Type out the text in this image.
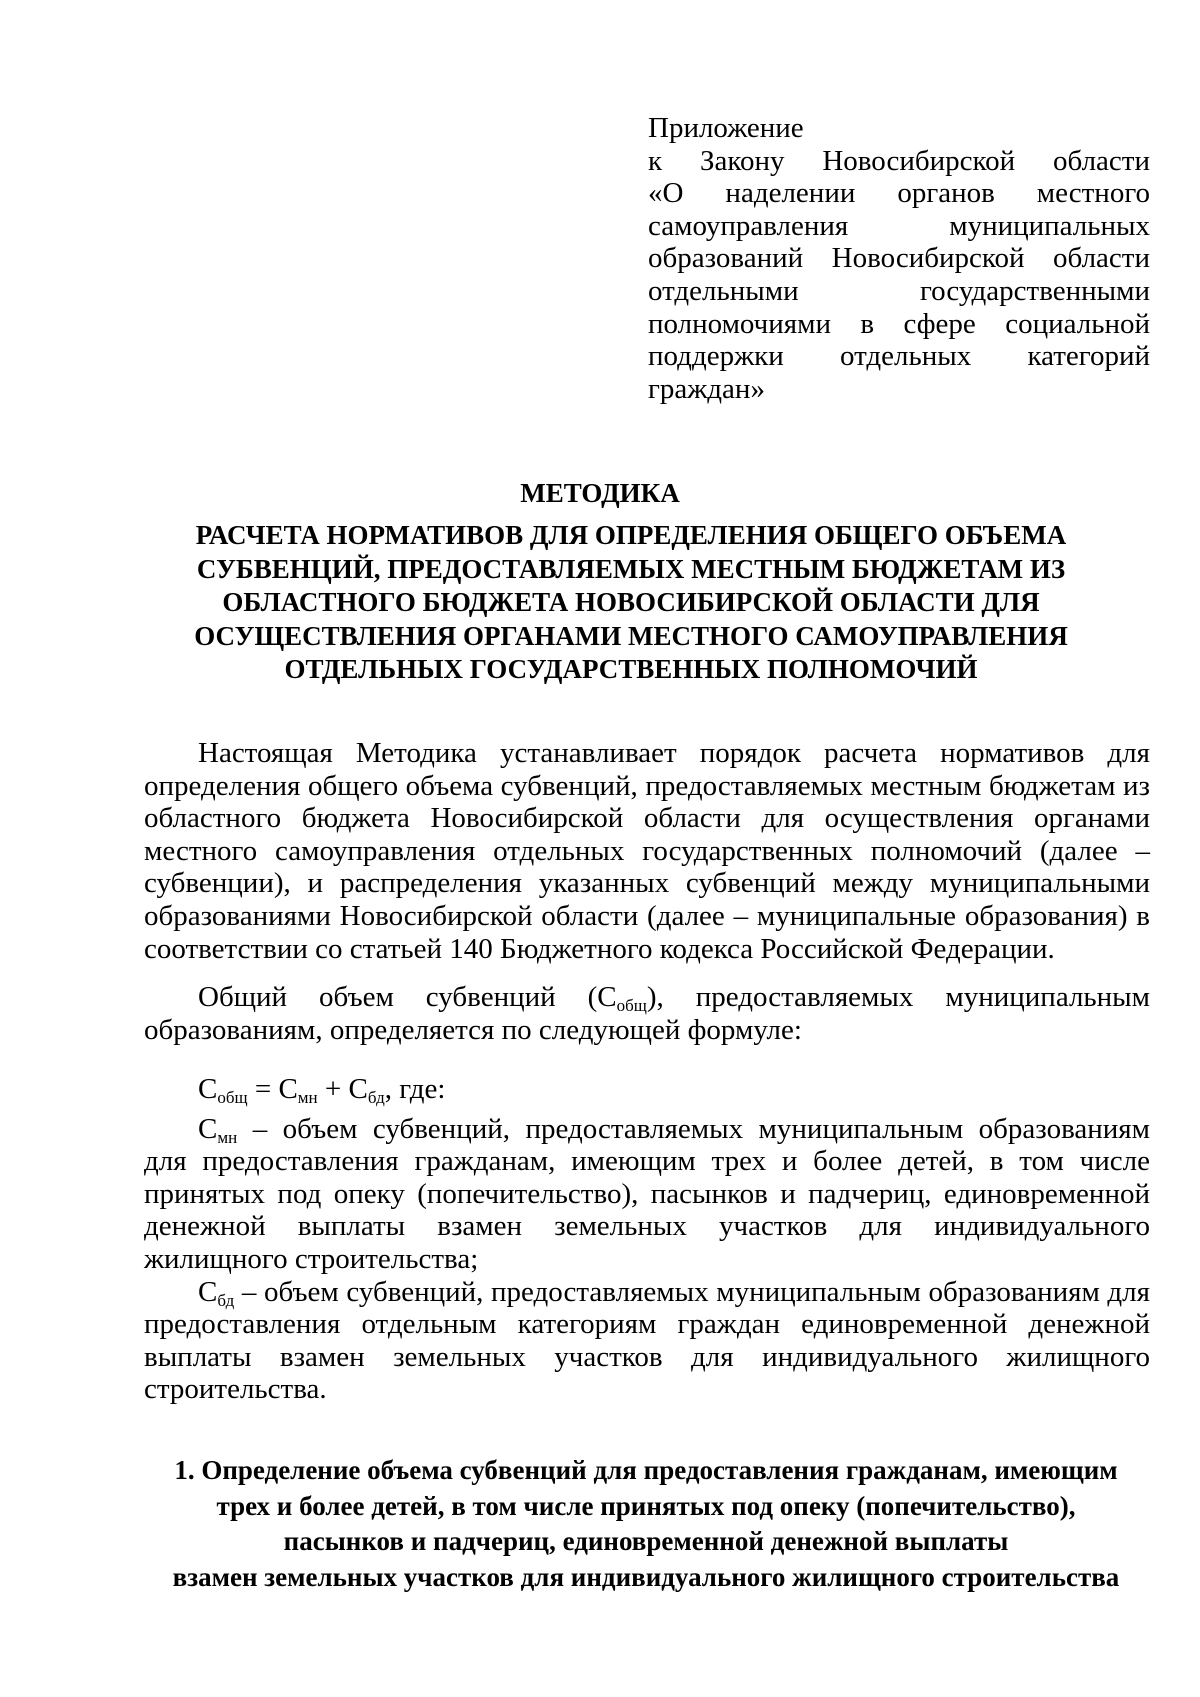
Приложение
к Закону Новосибирской области
«О наделении органов местного
самоуправления муниципальных
образований Новосибирской области
отдельными государственными
полномочиями в сфере социальной
поддержки отдельных категорий
граждан»
МЕТОДИКА
РАСЧЕТА НОРМАТИВОВ ДЛЯ ОПРЕДЕЛЕНИЯ ОБЩЕГО ОБЪЕМА СУБВЕНЦИЙ, ПРЕДОСТАВЛЯЕМЫХ МЕСТНЫМ БЮДЖЕТАМ ИЗ ОБЛАСТНОГО БЮДЖЕТА НОВОСИБИРСКОЙ ОБЛАСТИ ДЛЯ ОСУЩЕСТВЛЕНИЯ ОРГАНАМИ МЕСТНОГО САМОУПРАВЛЕНИЯ ОТДЕЛЬНЫХ ГОСУДАРСТВЕННЫХ ПОЛНОМОЧИЙ

Настоящая Методика устанавливает порядок расчета нормативов для определения общего объема субвенций, предоставляемых местным бюджетам из областного бюджета Новосибирской области для осуществления органами местного самоуправления отдельных государственных полномочий (далее – субвенции), и распределения указанных субвенций между муниципальными образованиями Новосибирской области (далее – муниципальные образования) в соответствии со статьей 140 Бюджетного кодекса Российской Федерации.

Общий объем субвенций $(С_{общ})$, предоставляемых муниципальным образованиям, определяется по следующей формуле:

$С_{общ} = С_{мн} + С_{бд}$, где:

$С_{мн}$ – объем субвенций, предоставляемых муниципальным образованиям для предоставления гражданам, имеющим трех и более детей, в том числе принятых под опеку (попечительство), пасынков и падчериц, единовременной денежной выплаты взамен земельных участков для индивидуального жилищного строительства;

$С_{бд}$ – объем субвенций, предоставляемых муниципальным образованиям для предоставления отдельным категориям граждан единовременной денежной выплаты взамен земельных участков для индивидуального жилищного строительства.

1. Определение объема субвенций для предоставления гражданам, имеющим
трех и более детей, в том числе принятых под опеку (попечительство),
пасынков и падчериц, единовременной денежной выплаты
взамен земельных участков для индивидуального жилищного строительства
